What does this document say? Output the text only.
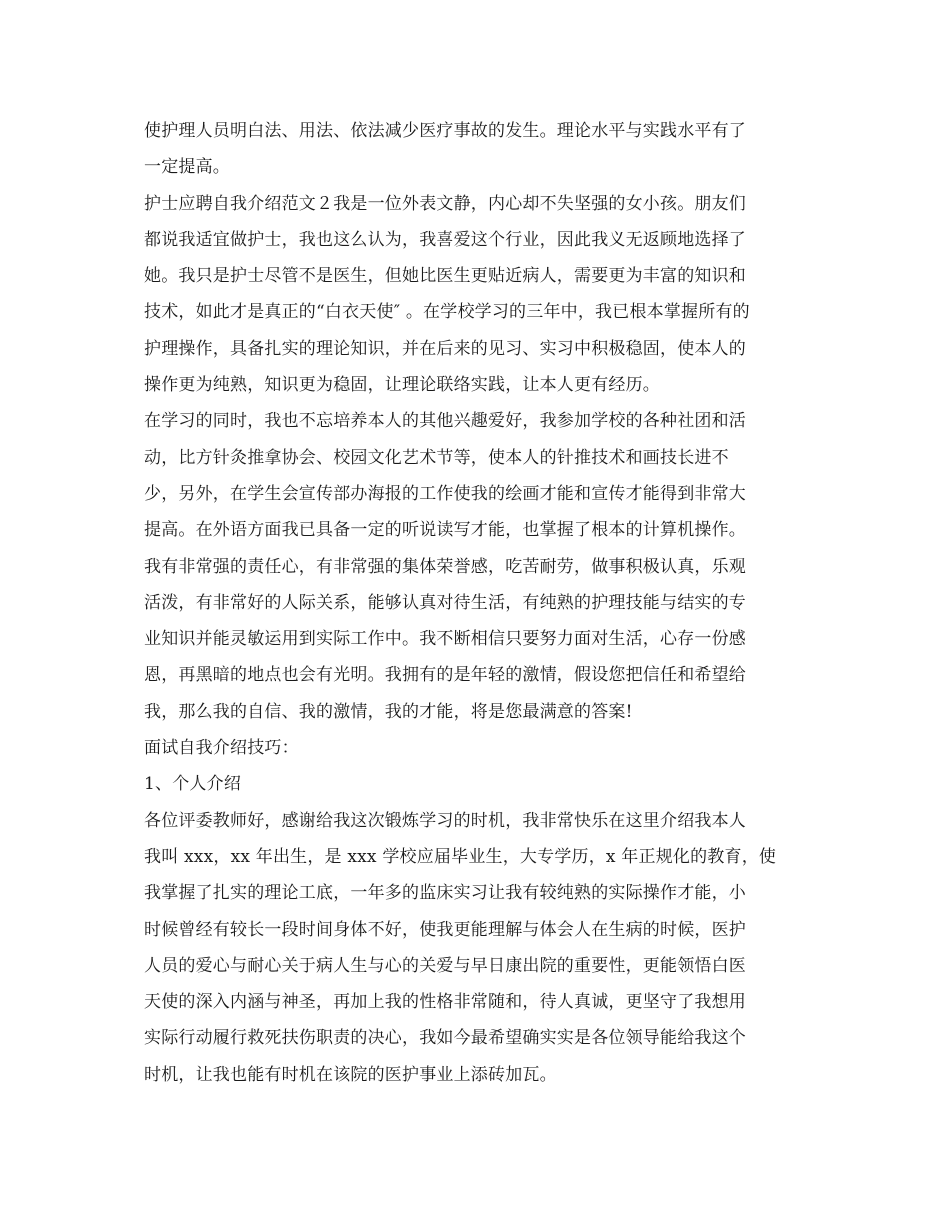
使护理人员明白法、用法、依法减少医疗事故的发生。理论水平与实践水平有了
一定提高。
护士应聘自我介绍范文２我是一位外表文静，内心却不失坚强的女小孩。朋友们
都说我适宜做护士，我也这么认为，我喜爱这个行业，因此我义无返顾地选择了
她。我只是护士尽管不是医生，但她比医生更贴近病人，需要更为丰富的知识和
技术，如此才是真正的“白衣天使″ 。在学校学习的三年中，我已根本掌握所有的
护理操作，具备扎实的理论知识，并在后来的见习、实习中积极稳固，使本人的
操作更为纯熟，知识更为稳固，让理论联络实践，让本人更有经历。
在学习的同时，我也不忘培养本人的其他兴趣爱好，我参加学校的各种社团和活
动，比方针灸推拿协会、校园文化艺术节等，使本人的针推技术和画技长进不
少，另外，在学生会宣传部办海报的工作使我的绘画才能和宣传才能得到非常大
提高。在外语方面我已具备一定的听说读写才能，也掌握了根本的计算机操作。
我有非常强的责任心，有非常强的集体荣誉感，吃苦耐劳，做事积极认真，乐观
活泼，有非常好的人际关系，能够认真对待生活，有纯熟的护理技能与结实的专
业知识并能灵敏运用到实际工作中。我不断相信只要努力面对生活，心存一份感
恩，再黑暗的地点也会有光明。我拥有的是年轻的激情，假设您把信任和希望给
我，那么我的自信、我的激情，我的才能，将是您最满意的答案!
面试自我介绍技巧：
1、个人介绍
各位评委教师好，感谢给我这次锻炼学习的时机，我非常快乐在这里介绍我本人
我叫 xxx，xx 年出生，是 xxx 学校应届毕业生，大专学历，x 年正规化的教育，使
我掌握了扎实的理论工底，一年多的监床实习让我有较纯熟的实际操作才能，小
时候曾经有较长一段时间身体不好，使我更能理解与体会人在生病的时候，医护
人员的爱心与耐心关于病人生与心的关爱与早日康出院的重要性，更能领悟白医
天使的深入内涵与神圣，再加上我的性格非常随和，待人真诚，更坚守了我想用
实际行动履行救死扶伤职责的决心，我如今最希望确实实是各位领导能给我这个
时机，让我也能有时机在该院的医护事业上添砖加瓦。
